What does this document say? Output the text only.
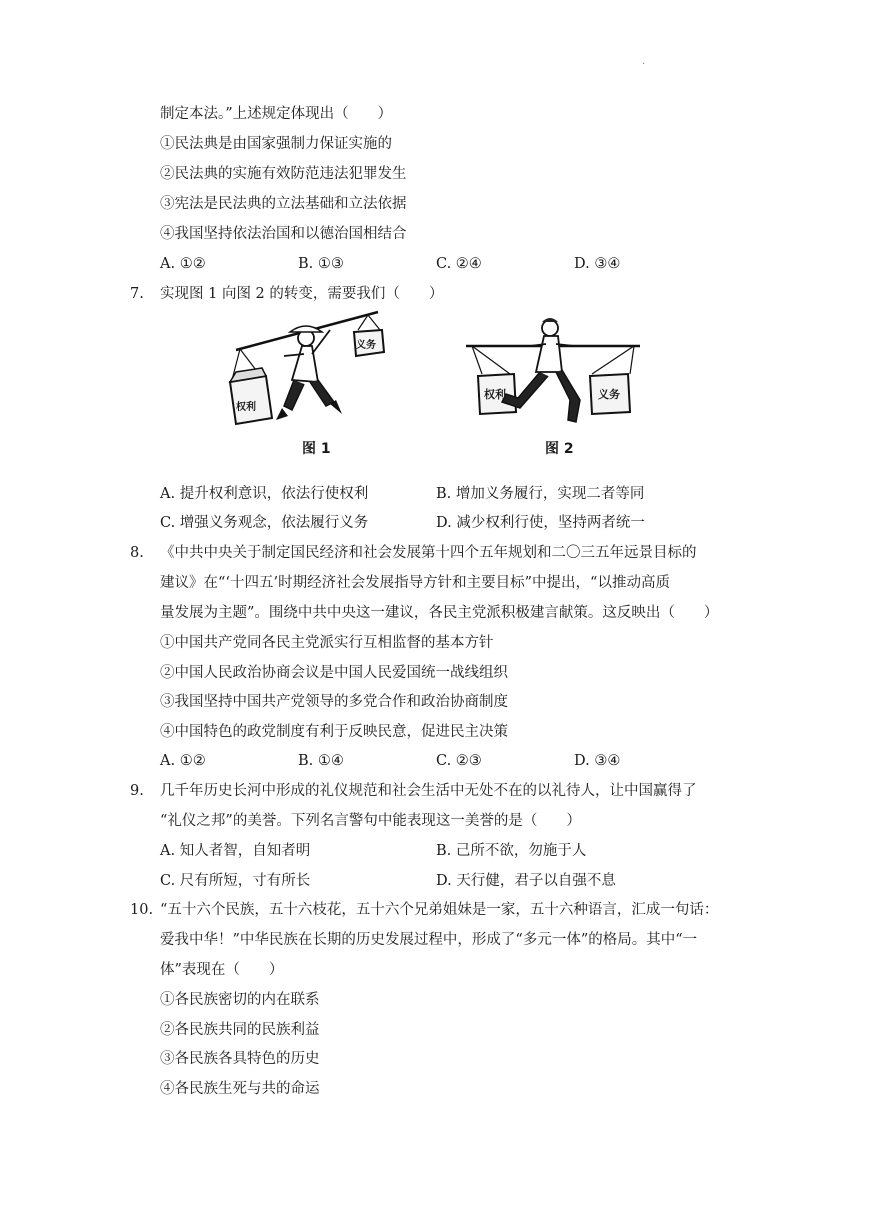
.
制定本法。”上述规定体现出（　　）
①民法典是由国家强制力保证实施的
②民法典的实施有效防范违法犯罪发生
③宪法是民法典的立法基础和立法依据
④我国坚持依法治国和以德治国相结合
A. ①②	B. ①③	C. ②④	D. ③④
7. 实现图 1 向图 2 的转变，需要我们（　　）
权利
义务
图 1
权利	义务
图 2
A. 提升权利意识，依法行使权利	B. 增加义务履行，实现二者等同
C. 增强义务观念，依法履行义务	D. 减少权利行使，坚持两者统一
8. 《中共中央关于制定国民经济和社会发展第十四个五年规划和二〇三五年远景目标的
建议》在“‘十四五’时期经济社会发展指导方针和主要目标”中提出，“以推动高质
量发展为主题”。围绕中共中央这一建议，各民主党派积极建言献策。这反映出（　　）
①中国共产党同各民主党派实行互相监督的基本方针
②中国人民政治协商会议是中国人民爱国统一战线组织
③我国坚持中国共产党领导的多党合作和政治协商制度
④中国特色的政党制度有利于反映民意，促进民主决策
A. ①②	B. ①④	C. ②③	D. ③④
9. 几千年历史长河中形成的礼仪规范和社会生活中无处不在的以礼待人，让中国赢得了
“礼仪之邦”的美誉。下列名言警句中能表现这一美誉的是（　　）
A. 知人者智，自知者明	B. 己所不欲，勿施于人
C. 尺有所短，寸有所长	D. 天行健，君子以自强不息
10. “五十六个民族，五十六枝花，五十六个兄弟姐妹是一家，五十六种语言，汇成一句话：
爱我中华！”中华民族在长期的历史发展过程中，形成了“多元一体”的格局。其中“一
体”表现在（　　）
①各民族密切的内在联系
②各民族共同的民族利益
③各民族各具特色的历史
④各民族生死与共的命运
